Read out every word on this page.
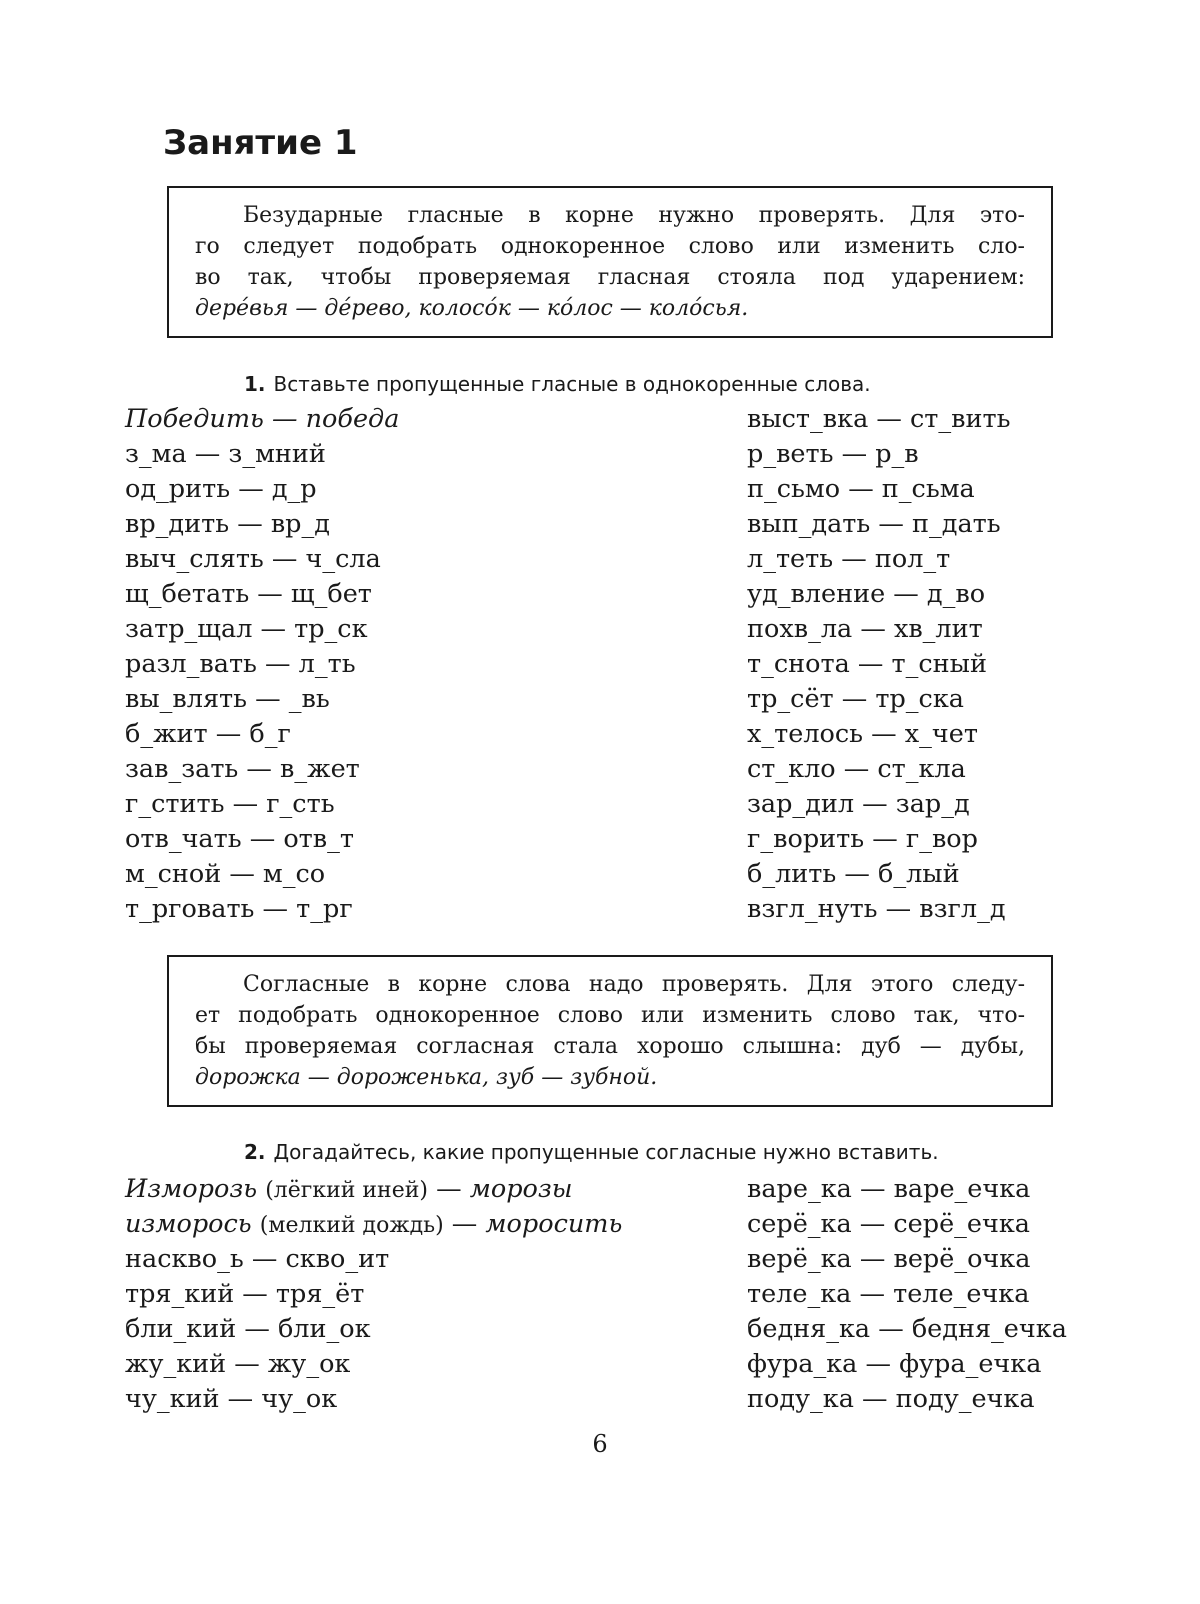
Занятие 1
Безударные гласные в корне нужно проверять. Для это-
го следует подобрать однокоренное слово или изменить сло-
во так, чтобы проверяемая гласная стояла под ударением:
дере́вья — де́рево, колосо́к — ко́лос — коло́сья.
1. Вставьте пропущенные гласные в однокоренные слова.
Победить — победа
з_ма — з_мний
од_рить — д_р
вр_дить — вр_д
выч_слять — ч_сла
щ_бетать — щ_бет
затр_щал — тр_ск
разл_вать — л_ть
вы_влять — _вь
б_жит — б_г
зав_зать — в_жет
г_стить — г_сть
отв_чать — отв_т
м_сной — м_со
т_рговать — т_рг
выст_вка — ст_вить
р_веть — р_в
п_сьмо — п_сьма
вып_дать — п_дать
л_теть — пол_т
уд_вление — д_во
похв_ла — хв_лит
т_снота — т_сный
тр_сёт — тр_ска
х_телось — х_чет
ст_кло — ст_кла
зар_дил — зар_д
г_ворить — г_вор
б_лить — б_лый
взгл_нуть — взгл_д
Согласные в корне слова надо проверять. Для этого следу-
ет подобрать однокоренное слово или изменить слово так, что-
бы проверяемая согласная стала хорошо слышна: дуб — дубы,
дорожка — дороженька, зуб — зубной.
2. Догадайтесь, какие пропущенные согласные нужно вставить.
Изморозь (лёгкий иней) — морозы
изморось (мелкий дождь) — моросить
насквo_ь — скво_ит
тря_кий — тря_ёт
бли_кий — бли_ок
жу_кий — жу_ок
чу_кий — чу_ок
варе_ка — варе_ечка
серё_ка — серё_ечка
верё_ка — верё_очка
теле_ка — теле_ечка
бедня_ка — бедня_ечка
фура_ка — фура_ечка
поду_ка — поду_ечка
6
